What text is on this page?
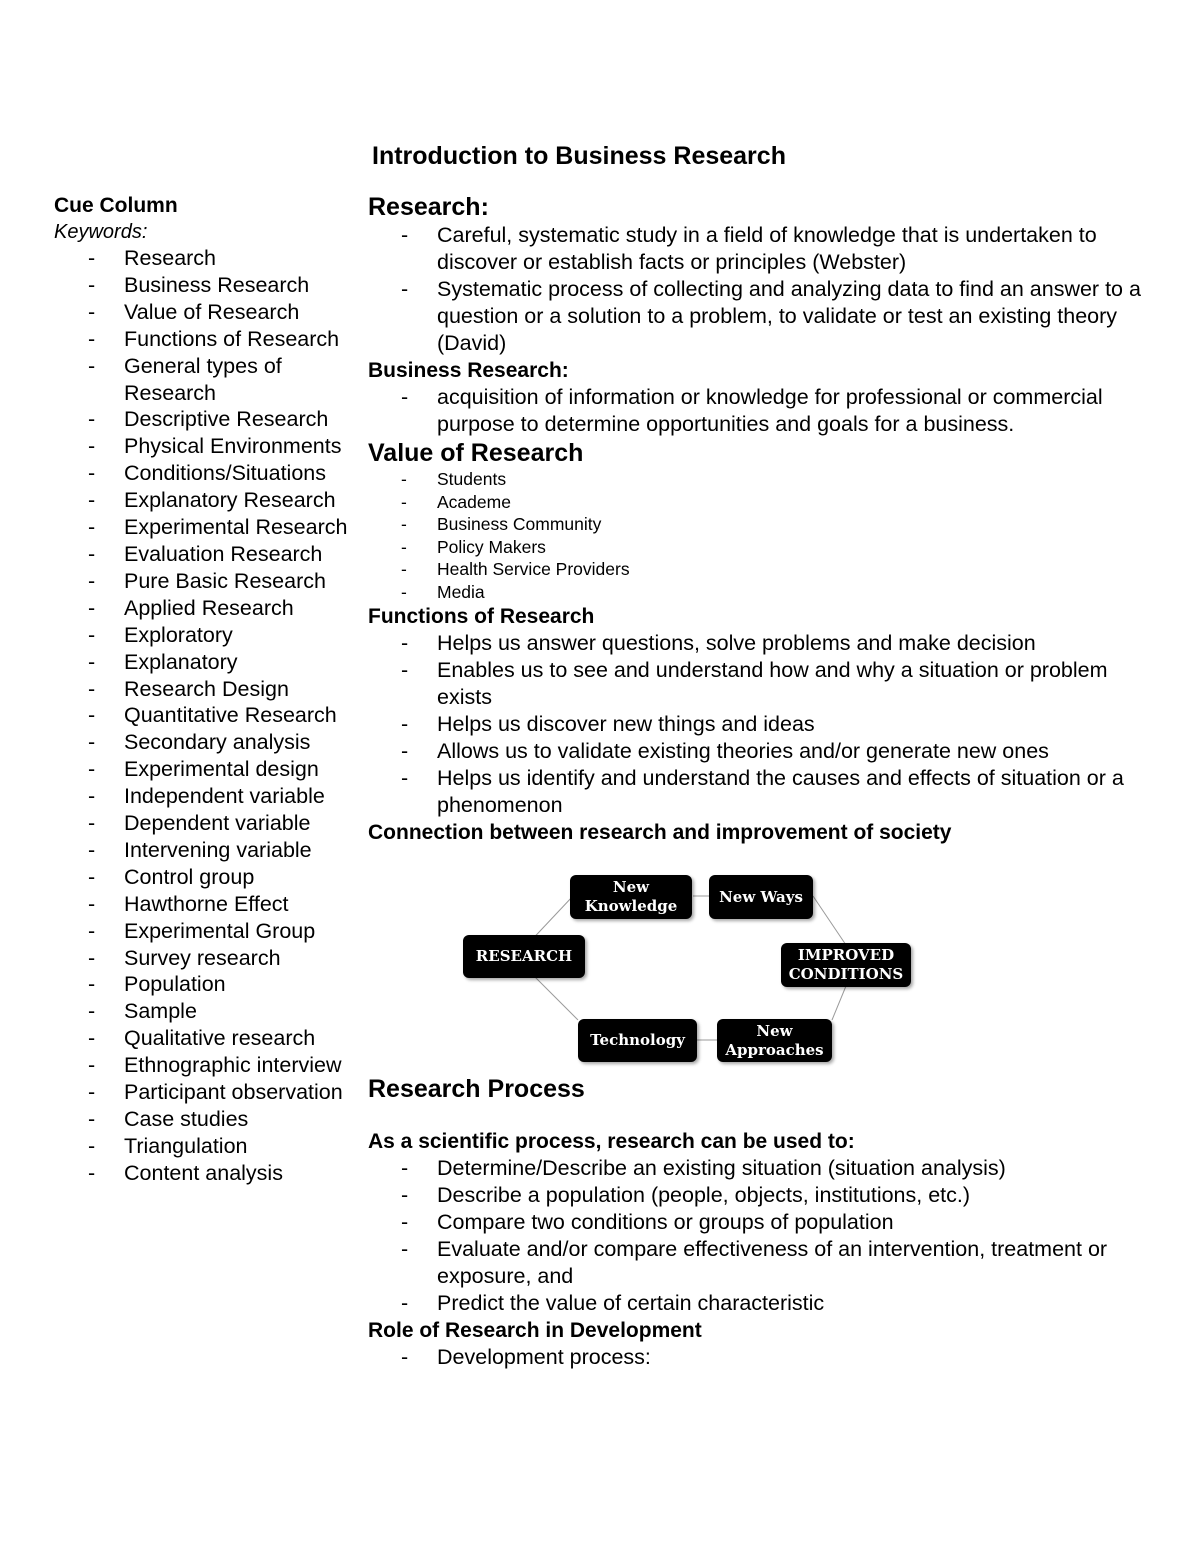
Introduction to Business Research
Cue Column
Keywords:
- Research
- Business Research
- Value of Research
- Functions of Research
- General types of Research
- Descriptive Research
- Physical Environments
- Conditions/Situations
- Explanatory Research
- Experimental Research
- Evaluation Research
- Pure Basic Research
- Applied Research
- Exploratory
- Explanatory
- Research Design
- Quantitative Research
- Secondary analysis
- Experimental design
- Independent variable
- Dependent variable
- Intervening variable
- Control group
- Hawthorne Effect
- Experimental Group
- Survey research
- Population
- Sample
- Qualitative research
- Ethnographic interview
- Participant observation
- Case studies
- Triangulation
- Content analysis
Research:
- Careful, systematic study in a field of knowledge that is undertaken to discover or establish facts or principles (Webster)
- Systematic process of collecting and analyzing data to find an answer to a question or a solution to a problem, to validate or test an existing theory (David)
Business Research:
- acquisition of information or knowledge for professional or commercial purpose to determine opportunities and goals for a business.
Value of Research
- Students
- Academe
- Business Community
- Policy Makers
- Health Service Providers
- Media
Functions of Research
- Helps us answer questions, solve problems and make decision
- Enables us to see and understand how and why a situation or problem exists
- Helps us discover new things and ideas
- Allows us to validate existing theories and/or generate new ones
- Helps us identify and understand the causes and effects of situation or a phenomenon
Connection between research and improvement of society
New Knowledge
New Ways
RESEARCH	IMPROVED CONDITIONS
Technology
New Approaches
Research Process
As a scientific process, research can be used to:
- Determine/Describe an existing situation (situation analysis)
- Describe a population (people, objects, institutions, etc.)
- Compare two conditions or groups of population
- Evaluate and/or compare effectiveness of an intervention, treatment or exposure, and
- Predict the value of certain characteristic
Role of Research in Development
- Development process:
